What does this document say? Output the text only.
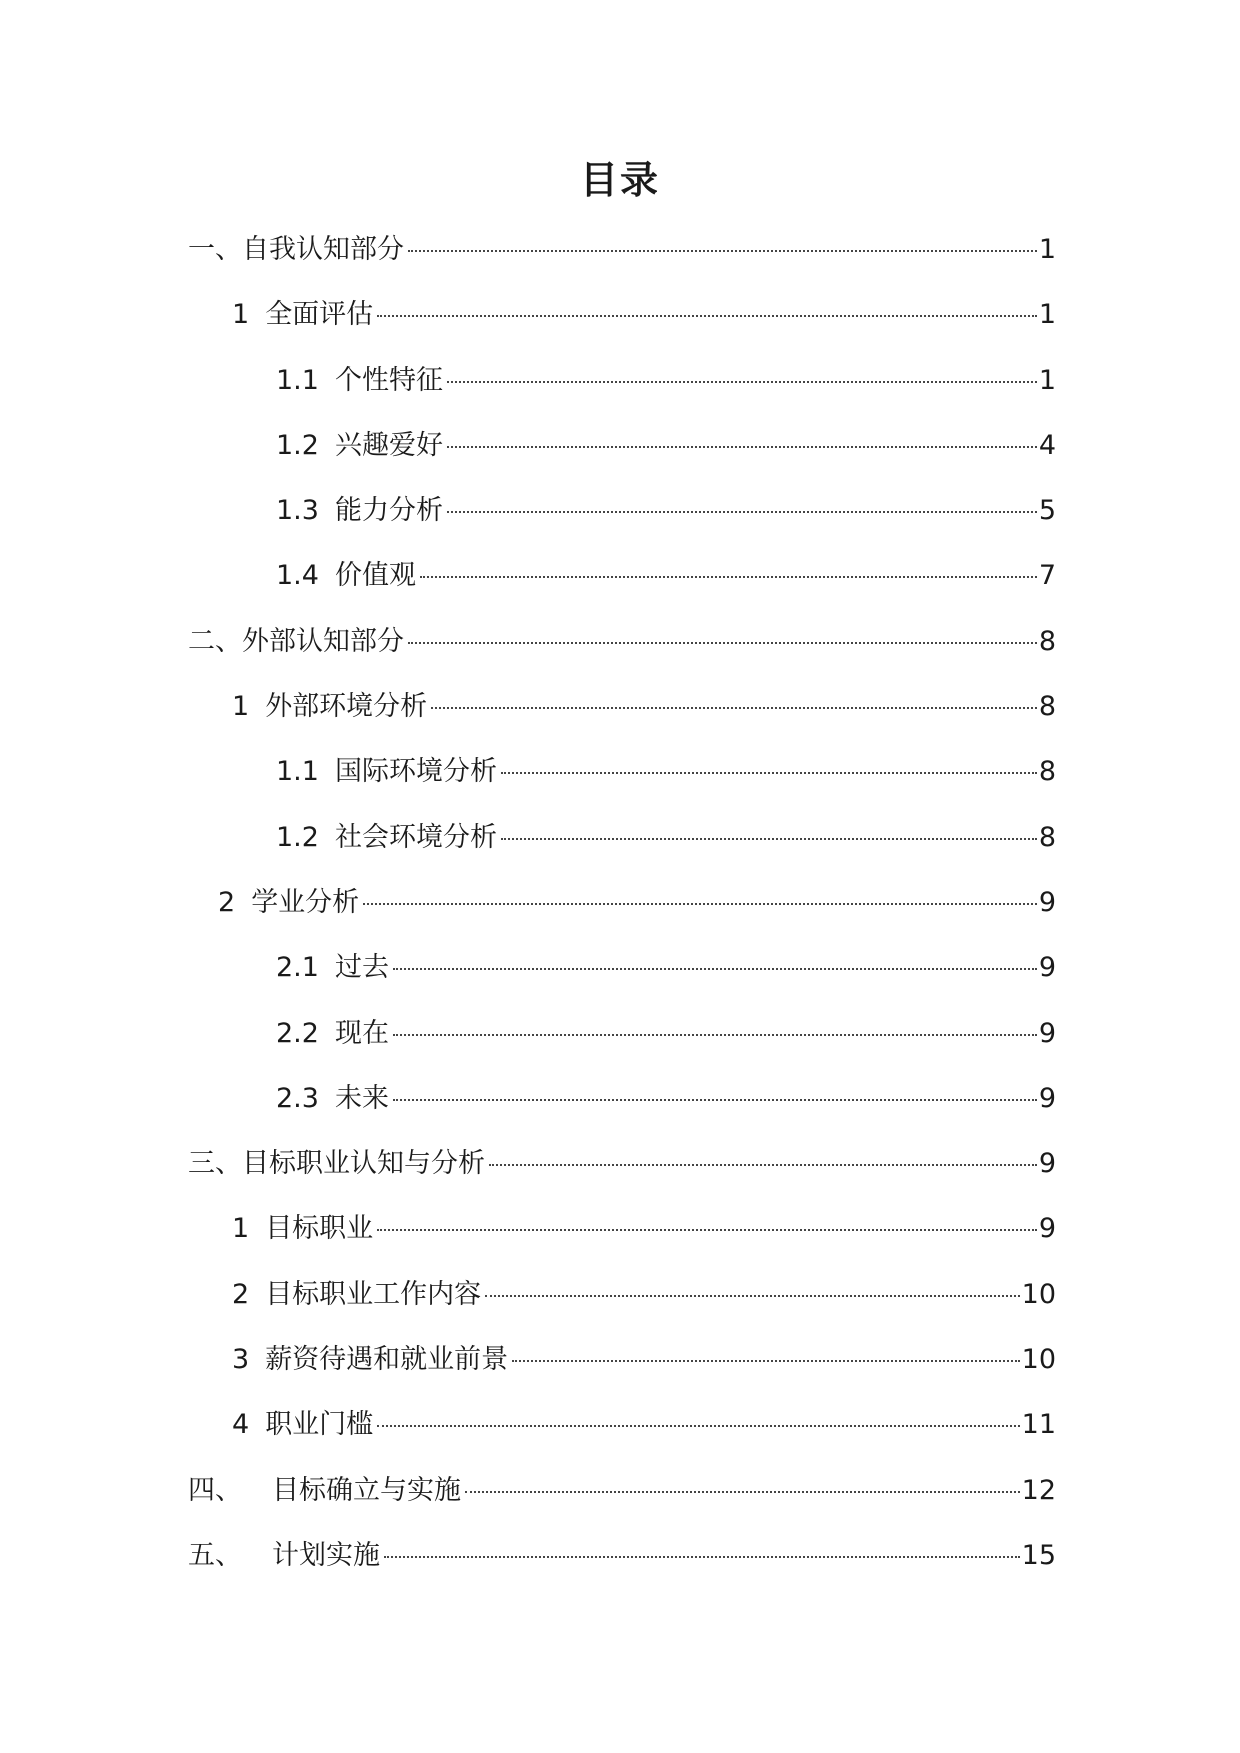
目录
一、 自我认知部分	1
1 全面评估	1
1.1 个性特征	1
1.2 兴趣爱好	4
1.3 能力分析	5
1.4 价值观	7
二、 外部认知部分	8
1 外部环境分析	8
1.1 国际环境分析	8
1.2 社会环境分析	8
2 学业分析	9
2.1 过去	9
2.2 现在	9
2.3 未来	9
三、 目标职业认知与分析	9
1 目标职业	9
2 目标职业工作内容	10
3 薪资待遇和就业前景	10
4 职业门槛	11
四、 目标确立与实施	12
五、 计划实施	15
